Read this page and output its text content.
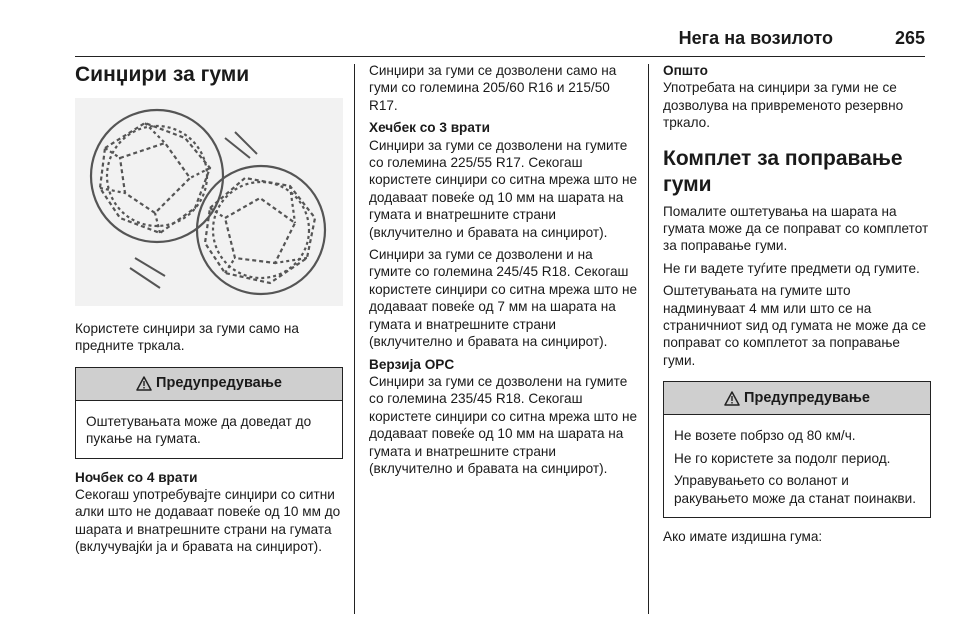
Нега на возилото	265
Синџири за гуми

Користете синџири за гуми само на предните тркала.

Предупредување

Оштетувањата може да доведат до пукање на гумата.

Ночбек со 4 врати

Секогаш употребувајте синџири со ситни алки што не додаваат повеќе од 10 мм до шарата и внатрешните страни на гумата (вклучувајќи ја и бравата на синџирот).

Синџири за гуми се дозволени само на гуми со големина 205/60 R16 и 215/50 R17.

Хечбек со 3 врати

Синџири за гуми се дозволени на гумите со големина 225/55 R17. Секогаш користете синџири со ситна мрежа што не додаваат повеќе од 10 мм на шарата на гумата и внатрешните страни (вклучително и бравата на синџирот).

Синџири за гуми се дозволени и на гумите со големина 245/45 R18. Секогаш користете синџири со ситна мрежа што не додаваат повеќе од 7 мм на шарата на гумата и внатрешните страни (вклучително и бравата на синџирот).

Верзија OPC

Синџири за гуми се дозволени на гумите со големина 235/45 R18. Секогаш користете синџири со ситна мрежа што не додаваат повеќе од 10 мм на шарата на гумата и внатрешните страни (вклучително и бравата на синџирот).

Општо

Употребата на синџири за гуми не се дозволува на привременото резервно тркало.

Комплет за поправање гуми

Помалите оштетувања на шарата на гумата може да се поправат со комплетот за поправање гуми.

Не ги вадете туѓите предмети од гумите.

Оштетувањата на гумите што надминуваат 4 мм или што се на страничниот ѕид од гумата не може да се поправат со комплетот за поправање гуми.

Предупредување

Не возете побрзо од 80 км/ч.

Не го користете за подолг период.

Управувањето со воланот и ракувањето може да станат поинакви.

Ако имате издишна гума:
